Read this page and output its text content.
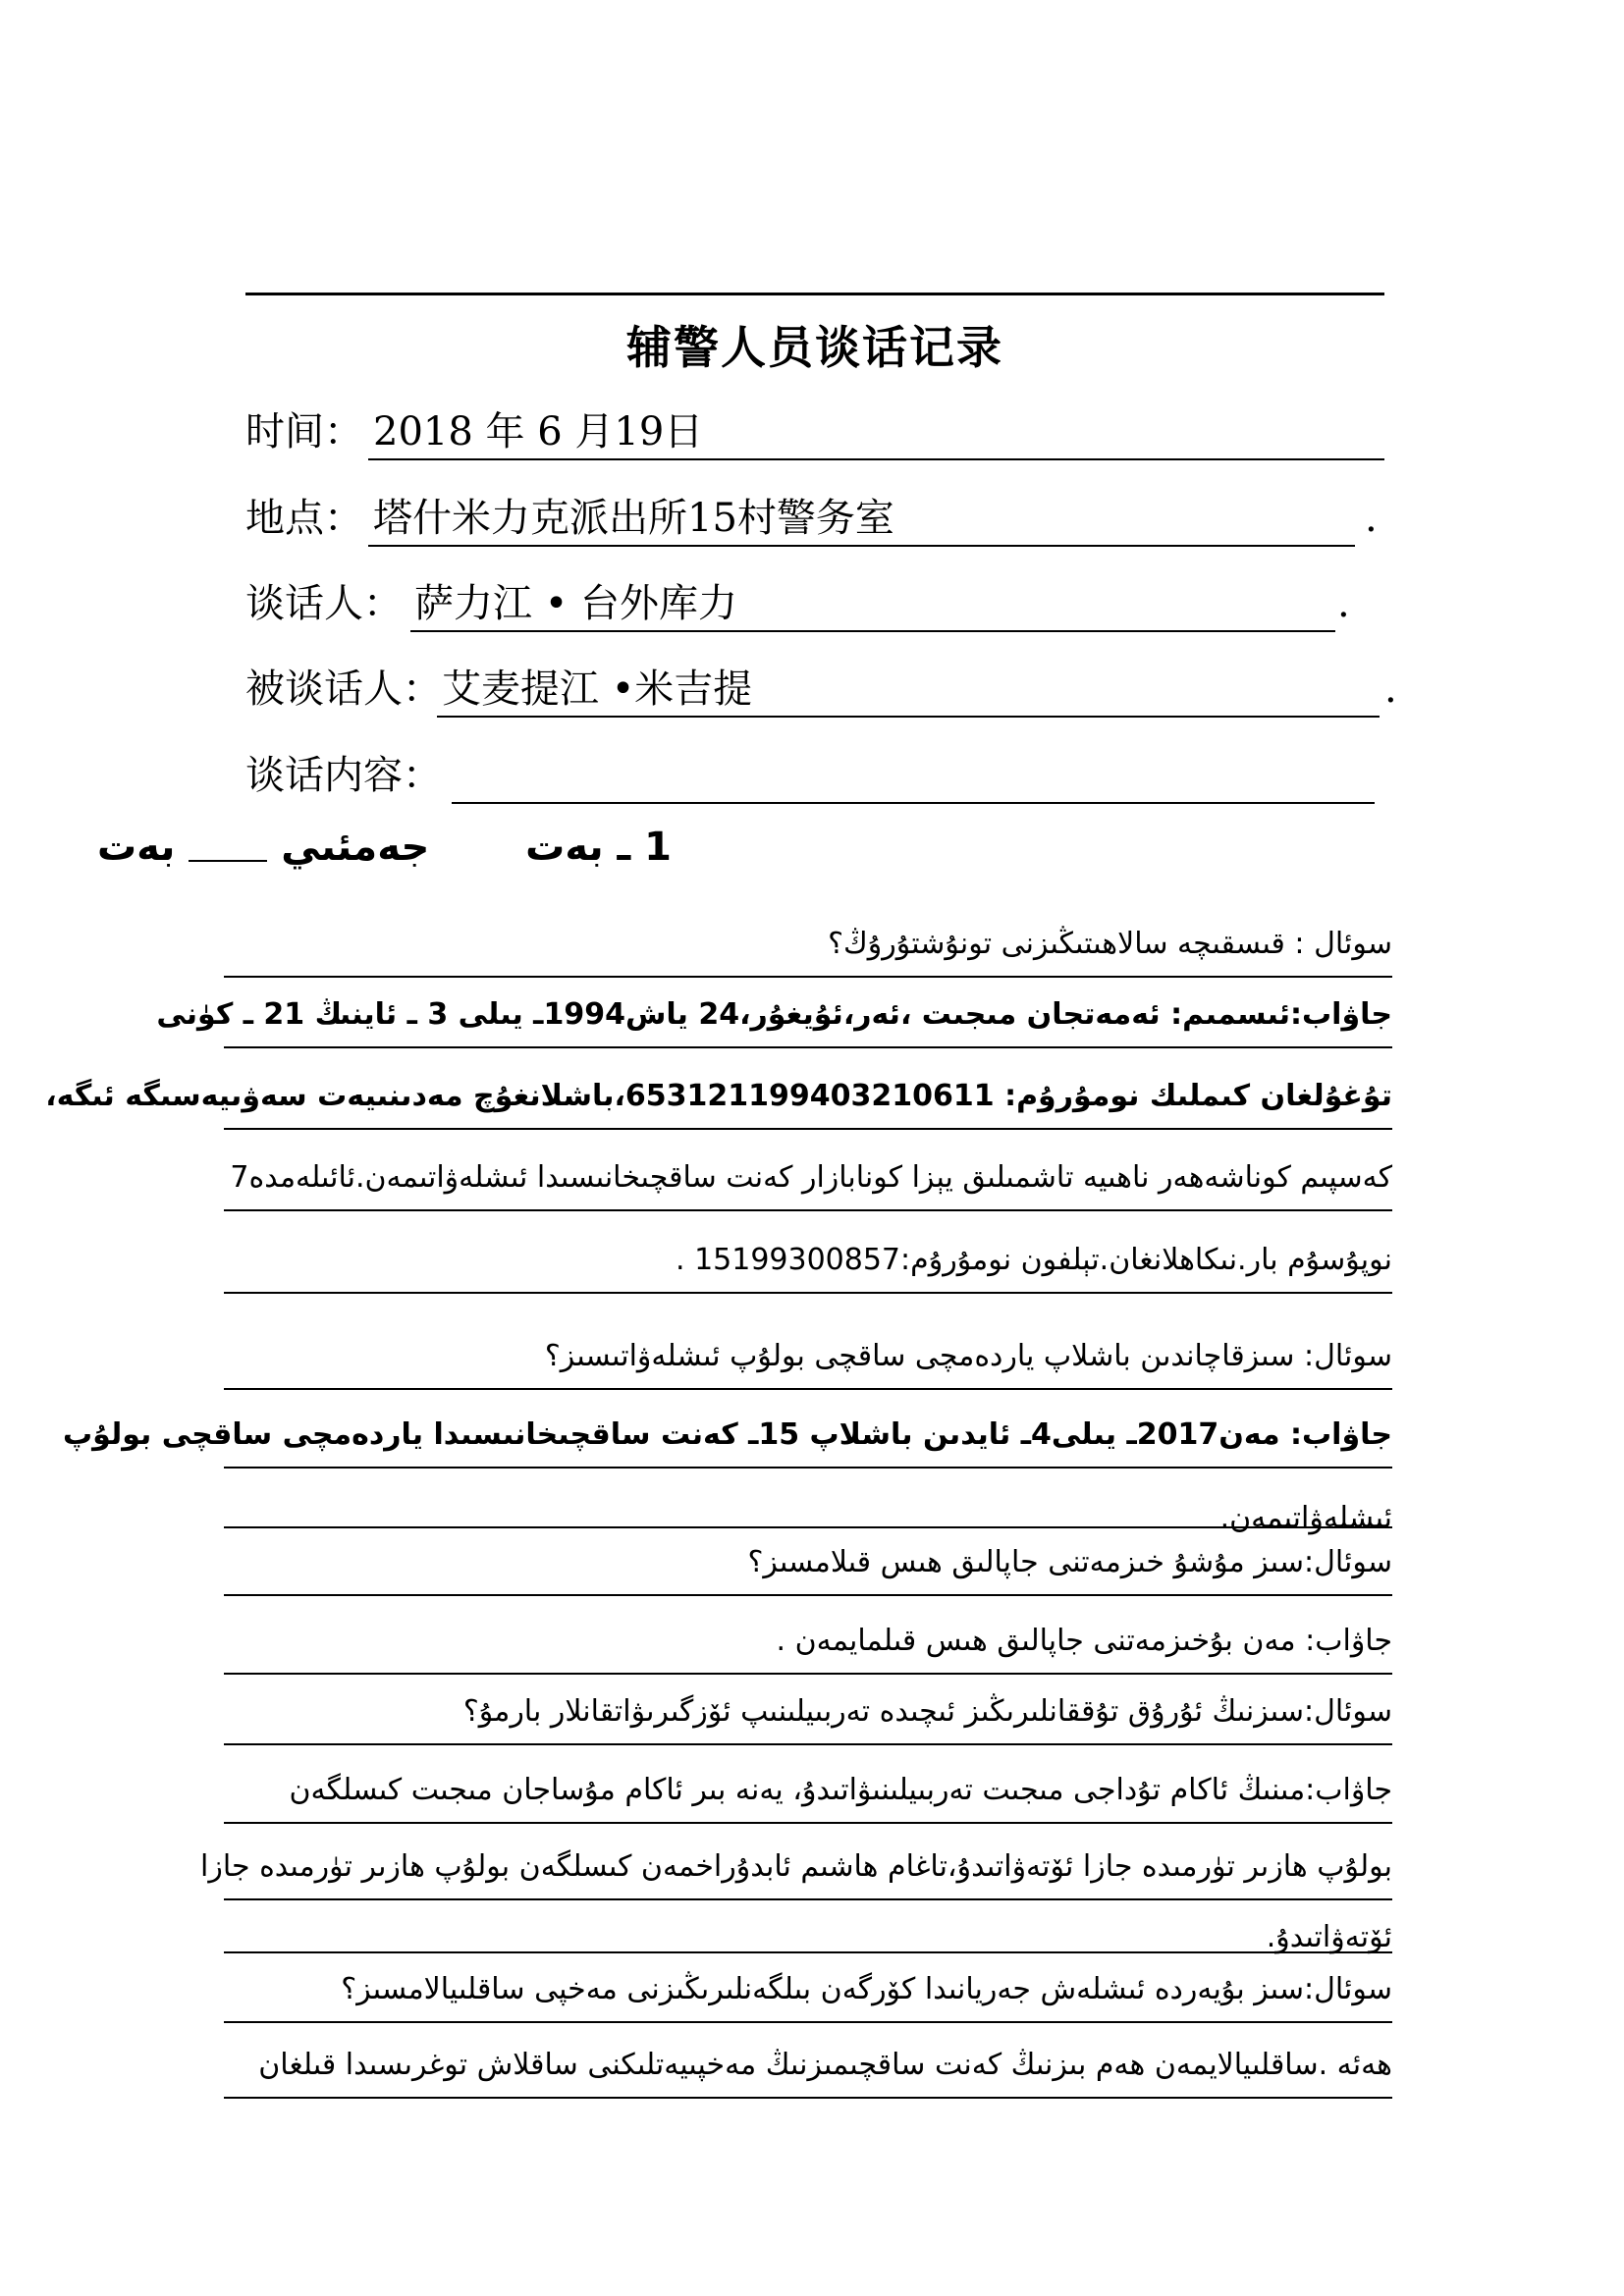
辅警人员谈话记录
时间： 2018 年 6 月19日
地点： 塔什米力克派出所15村警务室	.
谈话人： 萨力江 • 台外库力	.
被谈话人： 艾麦提江 •米吉提	.
谈话内容：
1 ـ بەت  جەمئىي  بەت
سوئال : قىسقىچە سالاھىتىڭىزنى تونۇشتۇرۇڭ؟
جاۋاب:ئىسمىم: ئەمەتجان مىجىت ،ئەر،ئۇيغۇر،24 ياش1994ـ يىلى 3 ـ ئاينىڭ 21 ـ كۈنى
تۇغۇلغان كىملىك نومۇرۇم: 653121199403210611،باشلانغۇچ مەدىنىيەت سەۋىيەسىگە ئىگە،
كەسپىم كوناشەھەر ناھىيە تاشمىلىق يېزا كونابازار كەنت ساقچىخانىسىدا ئىشلەۋاتىمەن.ئائىلەمدە7
نوپۇسۇم بار.نىكاھلانغان.تېلفون نومۇرۇم:15199300857 .
سوئال: سىزقاچاندىن باشلاپ ياردەمچى ساقچى بولۇپ ئىشلەۋاتىسىز؟
جاۋاب: مەن2017ـ يىلى4ـ ئايدىن باشلاپ 15ـ كەنت ساقچىخانىسىدا ياردەمچى ساقچى بولۇپ
ئىشلەۋاتىمەن.
سوئال:سىز مۇشۇ خىزمەتنى جاپالىق ھىس قىلامسىز؟
جاۋاب: مەن بۇخىزمەتنى جاپالىق ھىس قىلمايمەن .
سوئال:سىزنىڭ ئۇرۇق تۇققانلىرىڭىز ئىچىدە تەربىيلىنىپ ئۆزگىرىۋاتقانلار بارمۇ؟
جاۋاب:مىنىڭ ئاكام تۇداجى مىجىت تەربىيلىنىۋاتىدۇ، يەنە بىر ئاكام مۇساجان مىجىت كىسلگەن
بولۇپ ھازىر تۈرمىدە جازا ئۆتەۋاتىدۇ،تاغام ھاشىم ئابدۇراخمەن كىسلگەن بولۇپ ھازىر تۈرمىدە جازا
ئۆتەۋاتىدۇ.
سوئال:سىز بۇيەردە ئىشلەش جەريانىدا كۆرگەن بىلگەنلىرىڭىزنى مەخپى ساقلىيالامسىز؟
ھەئە .ساقلىيالايمەن ھەم بىزنىڭ كەنت ساقچىمىزنىڭ مەخپىيەتلىكنى ساقلاش توغرىسىدا قىلغان
